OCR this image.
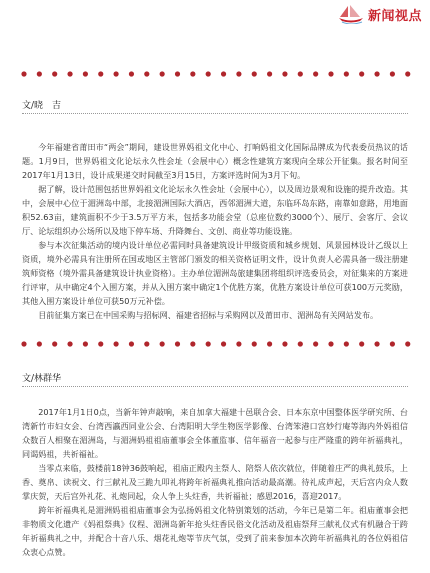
新闻视点
文/晓　吉

今年福建省莆田市“两会”期间，建设世界妈祖文化中心、打响妈祖文化国际品牌成为代表委员热议的话题。1月9日，世界妈祖文化论坛永久性会址（会展中心）概念性建筑方案现向全球公开征集。报名时间至2017年1月13日，设计成果递交时间截至3月15日，方案评选时间为3月下旬。

据了解，设计范围包括世界妈祖文化论坛永久性会址（会展中心），以及周边景观和设施的提升改造。其中，会展中心位于湄洲岛中部，北接湄洲国际大酒店，西邻湄洲大道，东临环岛东路，南靠如意路，用地面积52.63亩，建筑面积不少于3.5万平方米，包括多功能会堂（总座位数约3000个）、展厅、会客厅、会议厅、论坛组织办公场所以及地下停车场、升降舞台、文创、商业等功能设施。

参与本次征集活动的境内设计单位必需同时具备建筑设计甲级资质和城乡规划、风景园林设计乙级以上资质，境外必需具有注册所在国或地区主管部门颁发的相关资格证明文件，设计负责人必需具备一级注册建筑师资格（境外需具备建筑设计执业资格）。主办单位湄洲岛旅建集团将组织评选委员会，对征集来的方案进行评审，从中确定4个入围方案，并从入围方案中确定1个优胜方案，优胜方案设计单位可获100万元奖励，其他入围方案设计单位可获50万元补偿。

目前征集方案已在中国采购与招标网、福建省招标与采购网以及莆田市、湄洲岛有关网站发布。

文/林群华

2017年1月1日0点，当新年钟声敲响，来自加拿大福建十邑联合会、日本东京中国整体医学研究所、台湾新竹市妇女会、台湾西瀛西同业公会、台湾阳明大学生物医学影像、台湾笨港口宫妙行庵等海内外妈祖信众数百人相聚在湄洲岛，与湄洲妈祖祖庙董事会全体董监事、信年福音一起参与庄严隆重的跨年祈福典礼，同谒妈祖，共祈福祉。

当零点来临，鼓楼前18钟36鼓响起，祖庙正殿内主祭人、陪祭人依次就位，伴随着庄严的典礼鼓乐，上香、奠帛、读祝文、行三献礼及三跪九叩礼将跨年祈福典礼推向活动最高潮。待礼成声起，天后宫内众人数掌庆贺，天后宫外礼花、礼炮同起，众人争上头炷香，共祈福祉；感恩2016，喜迎2017。

跨年祈福典礼是湄洲妈祖祖庙董事会为弘扬妈祖文化特别策划的活动，今年已是第二年。祖庙董事会把非物质文化遗产《妈祖祭典》仪程、湄洲岛新年抢头炷香民俗文化活动及祖庙祭拜三献礼仪式有机融合于跨年祈福典礼之中，并配合十音八乐、烟花礼炮等节庆气氛，受到了前来参加本次跨年祈福典礼的各位妈祖信众衷心点赞。
